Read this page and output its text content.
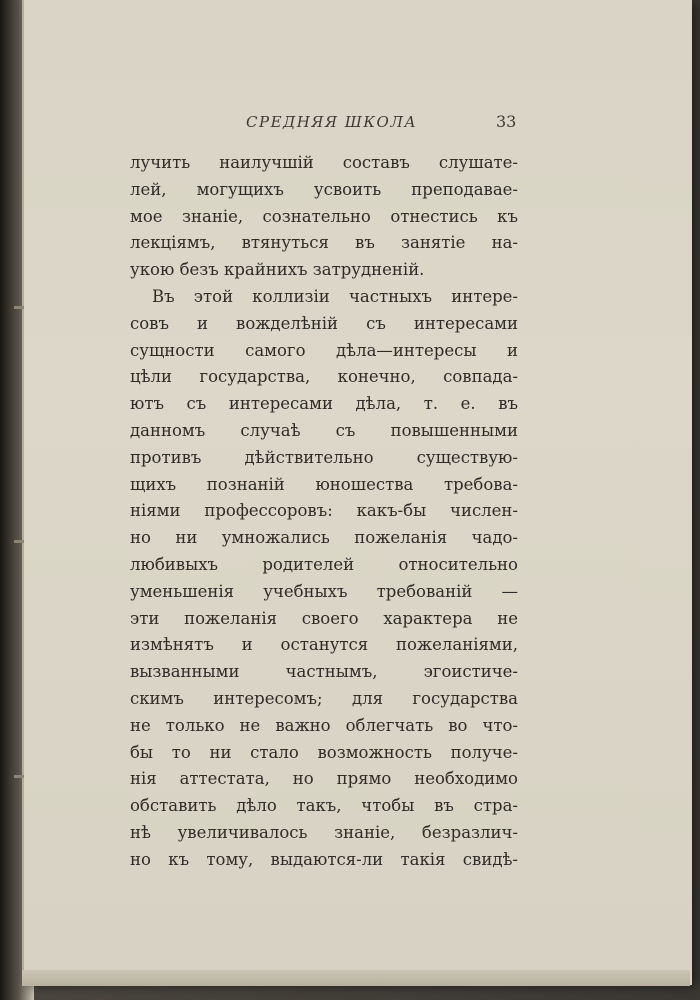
СРЕДНЯЯ ШКОЛА	33
лучить наилучшій составъ слушате-
лей, могущихъ усвоить преподавае-
мое знаніе, сознательно отнестись къ
лекціямъ, втянуться въ занятіе на-
укою безъ крайнихъ затрудненій.
Въ этой коллизіи частныхъ интере-
совъ и вожделѣній съ интересами
сущности самого дѣла—интересы и
цѣли государства, конечно, совпада-
ютъ съ интересами дѣла, т. е. въ
данномъ случаѣ съ повышенными
противъ дѣйствительно существую-
щихъ познаній юношества требова-
ніями профессоровъ: какъ-бы числен-
но ни умножались пожеланія чадо-
любивыхъ родителей относительно
уменьшенія учебныхъ требованій —
эти пожеланія своего характера не
измѣнятъ и останутся пожеланіями,
вызванными частнымъ, эгоистиче-
скимъ интересомъ; для государства
не только не важно облегчать во что-
бы то ни стало возможность получе-
нія аттестата, но прямо необходимо
обставить дѣло такъ, чтобы въ стра-
нѣ увеличивалось знаніе, безразлич-
но къ тому, выдаются-ли такія свидѣ-
